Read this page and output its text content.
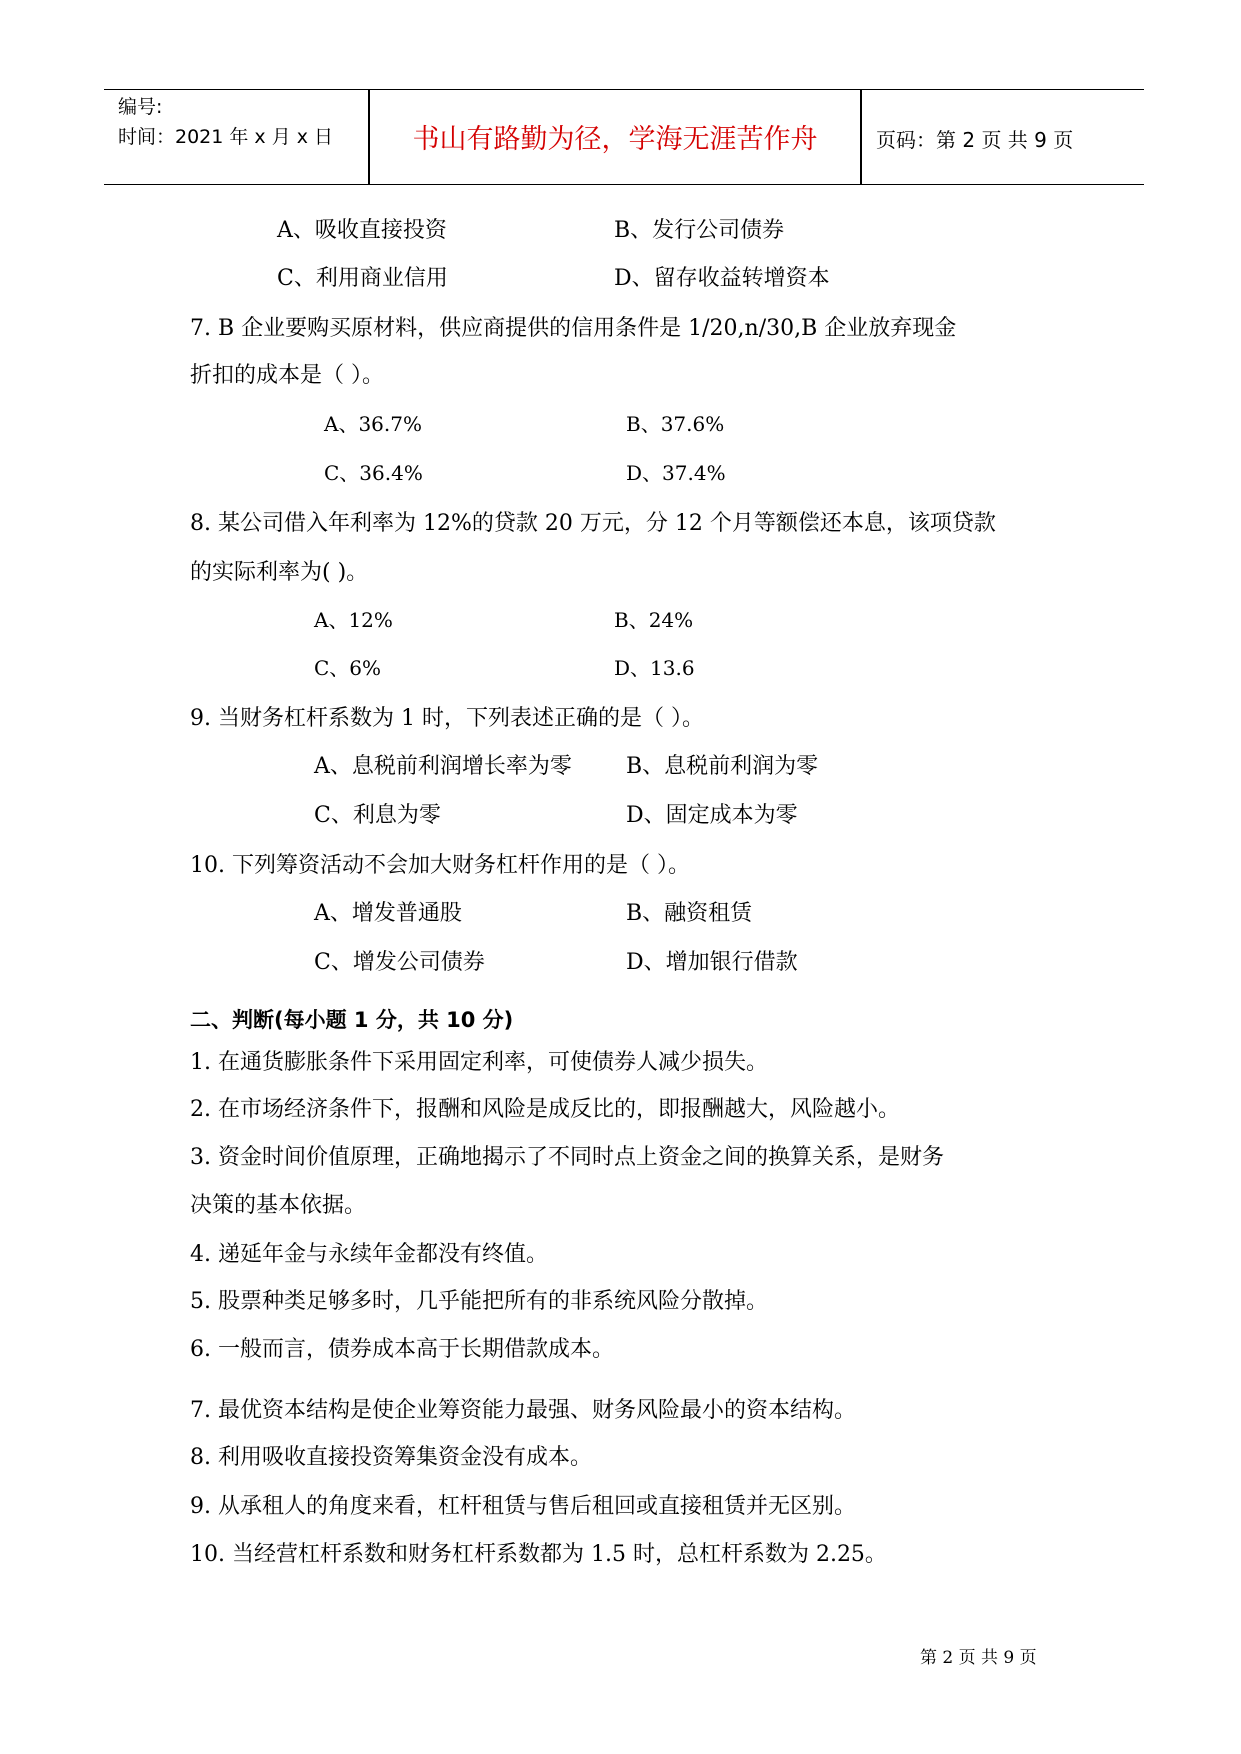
编号:
时间：2021 年 x 月 x 日	书山有路勤为径，学海无涯苦作舟	页码：第 2 页 共 9 页
A、吸收直接投资	B、发行公司债券
C、利用商业信用	D、留存收益转增资本
7. B 企业要购买原材料，供应商提供的信用条件是 1/20,n/30,B 企业放弃现金
折扣的成本是（ ）。
A、36.7%	B、37.6%
C、36.4%	D、37.4%
8. 某公司借入年利率为 12%的贷款 20 万元，分 12 个月等额偿还本息，该项贷款
的实际利率为( )。
A、12%	B、24%
C、6%	D、13.6
9. 当财务杠杆系数为 1 时，下列表述正确的是（ ）。
A、息税前利润增长率为零 B、息税前利润为零
C、利息为零	D、固定成本为零
10. 下列筹资活动不会加大财务杠杆作用的是（ ）。
A、增发普通股	B、融资租赁
C、增发公司债券	D、增加银行借款
二、判断(每小题 1 分，共 10 分)
1. 在通货膨胀条件下采用固定利率，可使债券人减少损失。
2. 在市场经济条件下，报酬和风险是成反比的，即报酬越大，风险越小。
3. 资金时间价值原理，正确地揭示了不同时点上资金之间的换算关系，是财务
决策的基本依据。
4. 递延年金与永续年金都没有终值。
5. 股票种类足够多时，几乎能把所有的非系统风险分散掉。
6. 一般而言，债券成本高于长期借款成本。
7. 最优资本结构是使企业筹资能力最强、财务风险最小的资本结构。
8. 利用吸收直接投资筹集资金没有成本。
9. 从承租人的角度来看，杠杆租赁与售后租回或直接租赁并无区别。
10. 当经营杠杆系数和财务杠杆系数都为 1.5 时，总杠杆系数为 2.25。
第 2 页 共 9 页
